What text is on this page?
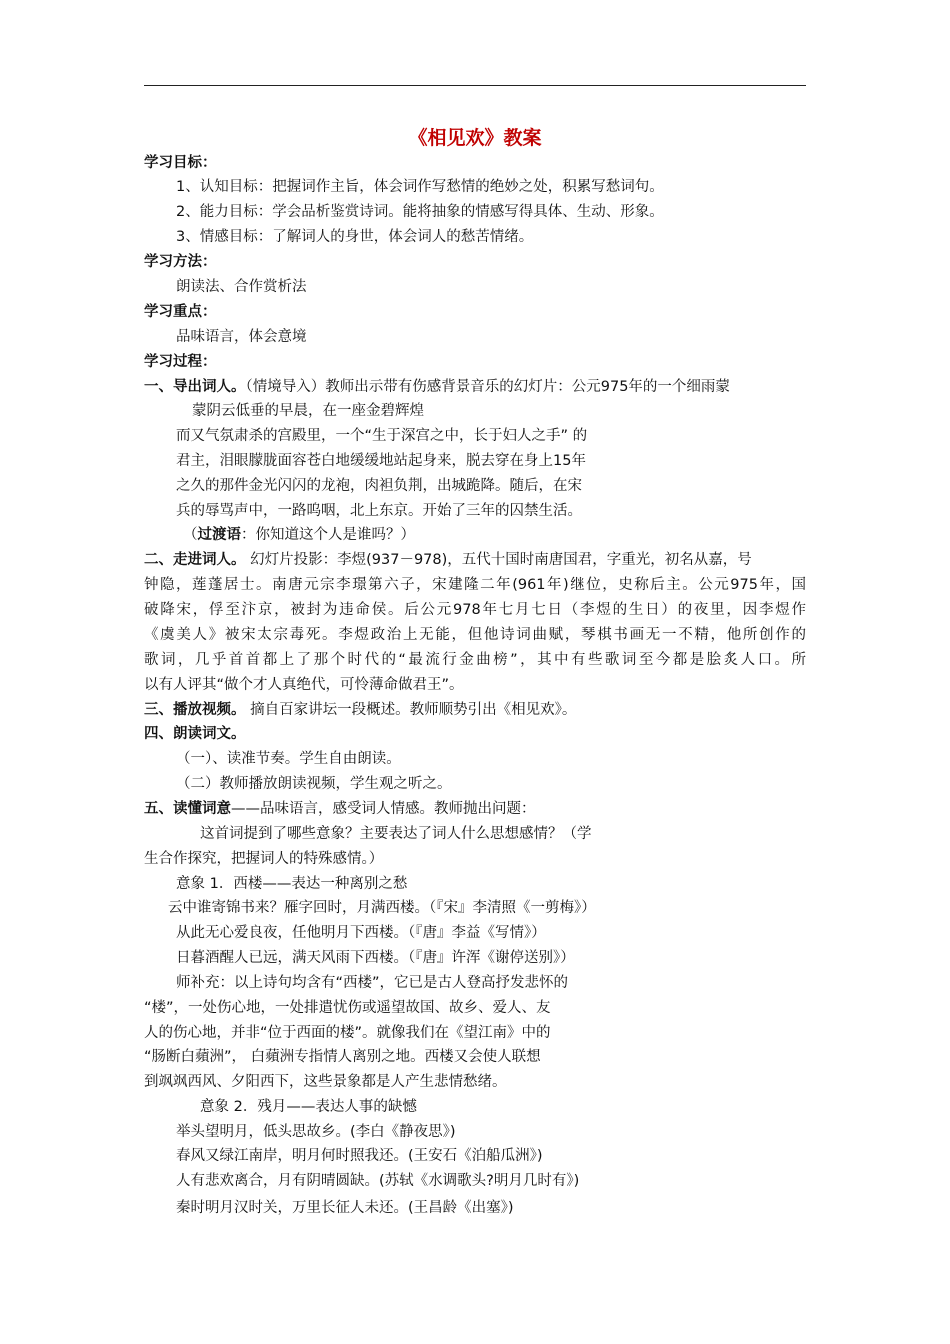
《相见欢》教案
学习目标：
1、认知目标：把握词作主旨，体会词作写愁情的绝妙之处，积累写愁词句。
2、能力目标：学会品析鉴赏诗词。能将抽象的情感写得具体、生动、形象。
3、情感目标：了解词人的身世，体会词人的愁苦情绪。
学习方法：
朗读法、合作赏析法
学习重点：
品味语言，体会意境
学习过程：
一、导出词人。（情境导入）教师出示带有伤感背景音乐的幻灯片：公元975年的一个细雨蒙
蒙阴云低垂的早晨，在一座金碧辉煌
而又气氛肃杀的宫殿里，一个“生于深宫之中，长于妇人之手” 的
君主，泪眼朦胧面容苍白地缓缓地站起身来，脱去穿在身上15年
之久的那件金光闪闪的龙袍，肉袒负荆，出城跪降。随后，在宋
兵的辱骂声中，一路呜咽，北上东京。开始了三年的囚禁生活。
（过渡语：你知道这个人是谁吗？）
二、走进词人。 幻灯片投影：李煜(937－978)，五代十国时南唐国君，字重光，初名从嘉，号
钟隐，莲蓬居士。南唐元宗李璟第六子，宋建隆二年(961年)继位，史称后主。公元975年，国
破降宋，俘至汴京，被封为违命侯。后公元978年七月七日（李煜的生日）的夜里，因李煜作
《虞美人》被宋太宗毒死。李煜政治上无能，但他诗词曲赋，琴棋书画无一不精，他所创作的
歌词，几乎首首都上了那个时代的“最流行金曲榜”，其中有些歌词至今都是脍炙人口。所
以有人评其“做个才人真绝代，可怜薄命做君王”。
三、播放视频。 摘自百家讲坛一段概述。教师顺势引出《相见欢》。
四、朗读词文。
（一）、读准节奏。学生自由朗读。
（二）教师播放朗读视频，学生观之听之。
五、读懂词意——品味语言，感受词人情感。教师抛出问题：
这首词提到了哪些意象？主要表达了词人什么思想感情？（学
生合作探究，把握词人的特殊感情。）
意象 1．西楼——表达一种离别之愁
云中谁寄锦书来？雁字回时，月满西楼。（『宋』李清照《一剪梅》）
从此无心爱良夜，任他明月下西楼。（『唐』李益《写情》）
日暮酒醒人已远，满天风雨下西楼。（『唐』许浑《谢停送别》）
师补充：以上诗句均含有“西楼”，它已是古人登高抒发悲怀的
“楼”，一处伤心地，一处排遣忧伤或遥望故国、故乡、爱人、友
人的伤心地，并非“位于西面的楼”。就像我们在《望江南》中的
“肠断白蘋洲”， 白蘋洲专指情人离别之地。西楼又会使人联想
到飒飒西风、夕阳西下，这些景象都是人产生悲情愁绪。
意象 2．残月——表达人事的缺憾
举头望明月，低头思故乡。(李白《静夜思》)
春风又绿江南岸，明月何时照我还。(王安石《泊船瓜洲》)
人有悲欢离合，月有阴晴圆缺。(苏轼《水调歌头?明月几时有》)
秦时明月汉时关，万里长征人未还。(王昌龄《出塞》)
